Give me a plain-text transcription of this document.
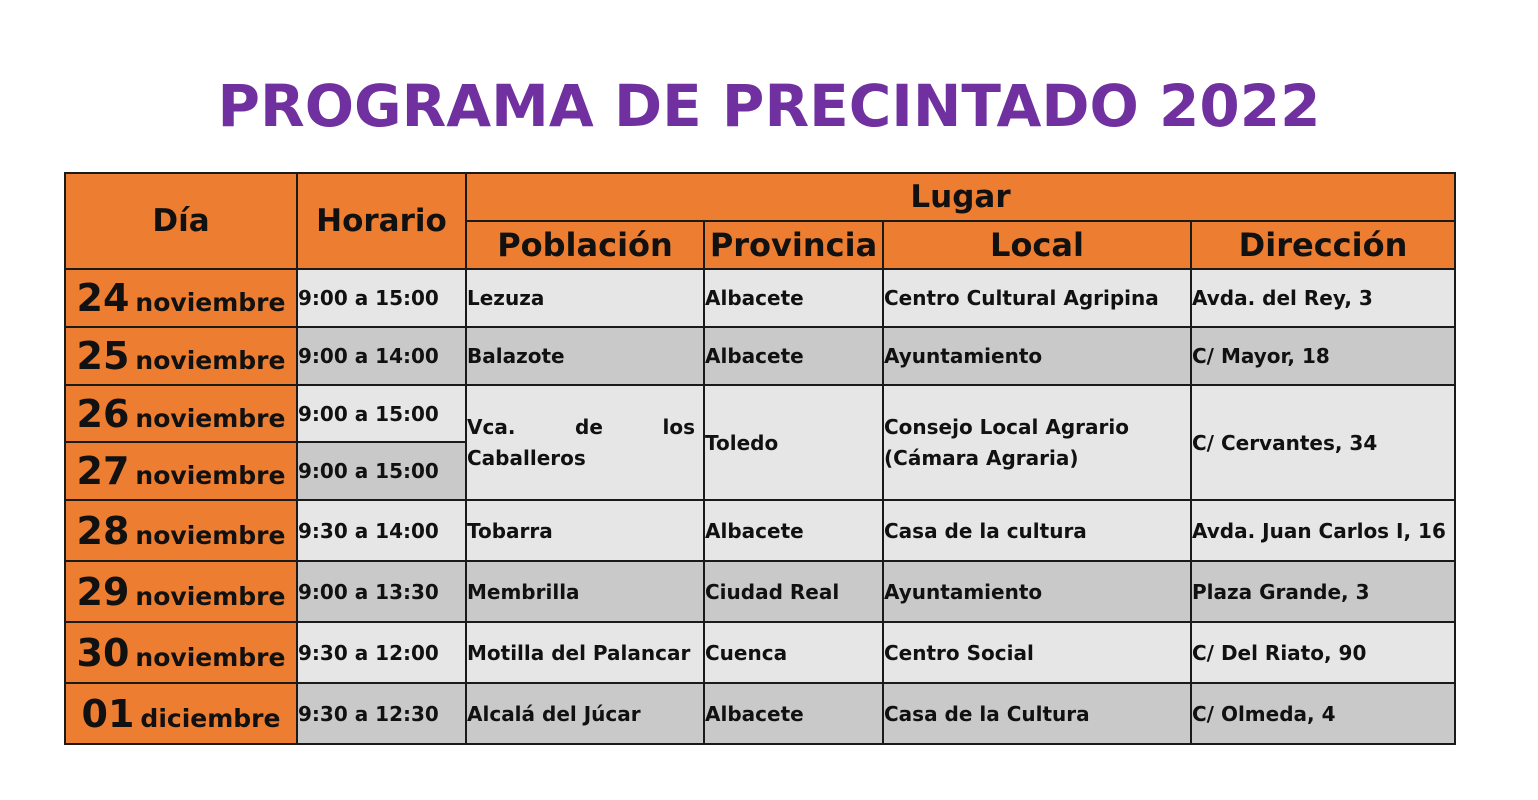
PROGRAMA DE PRECINTADO 2022
Día	Horario	Lugar			
		Población	Provincia	Local	Dirección
24 noviembre	9:00 a 15:00	Lezuza	Albacete	Centro Cultural Agripina	Avda. del Rey, 3
25 noviembre	9:00 a 14:00	Balazote	Albacete	Ayuntamiento	C/ Mayor, 18
26 noviembre	9:00 a 15:00	Vca. de los Caballeros	Toledo	Consejo Local Agrario (Cámara Agraria)	C/ Cervantes, 34
27 noviembre	9:00 a 15:00				
28 noviembre	9:30 a 14:00	Tobarra	Albacete	Casa de la cultura	Avda. Juan Carlos I, 16
29 noviembre	9:00 a 13:30	Membrilla	Ciudad Real	Ayuntamiento	Plaza Grande, 3
30 noviembre	9:30 a 12:00	Motilla del Palancar	Cuenca	Centro Social	C/ Del Riato, 90
01 diciembre	9:30 a 12:30	Alcalá del Júcar	Albacete	Casa de la Cultura	C/ Olmeda, 4
